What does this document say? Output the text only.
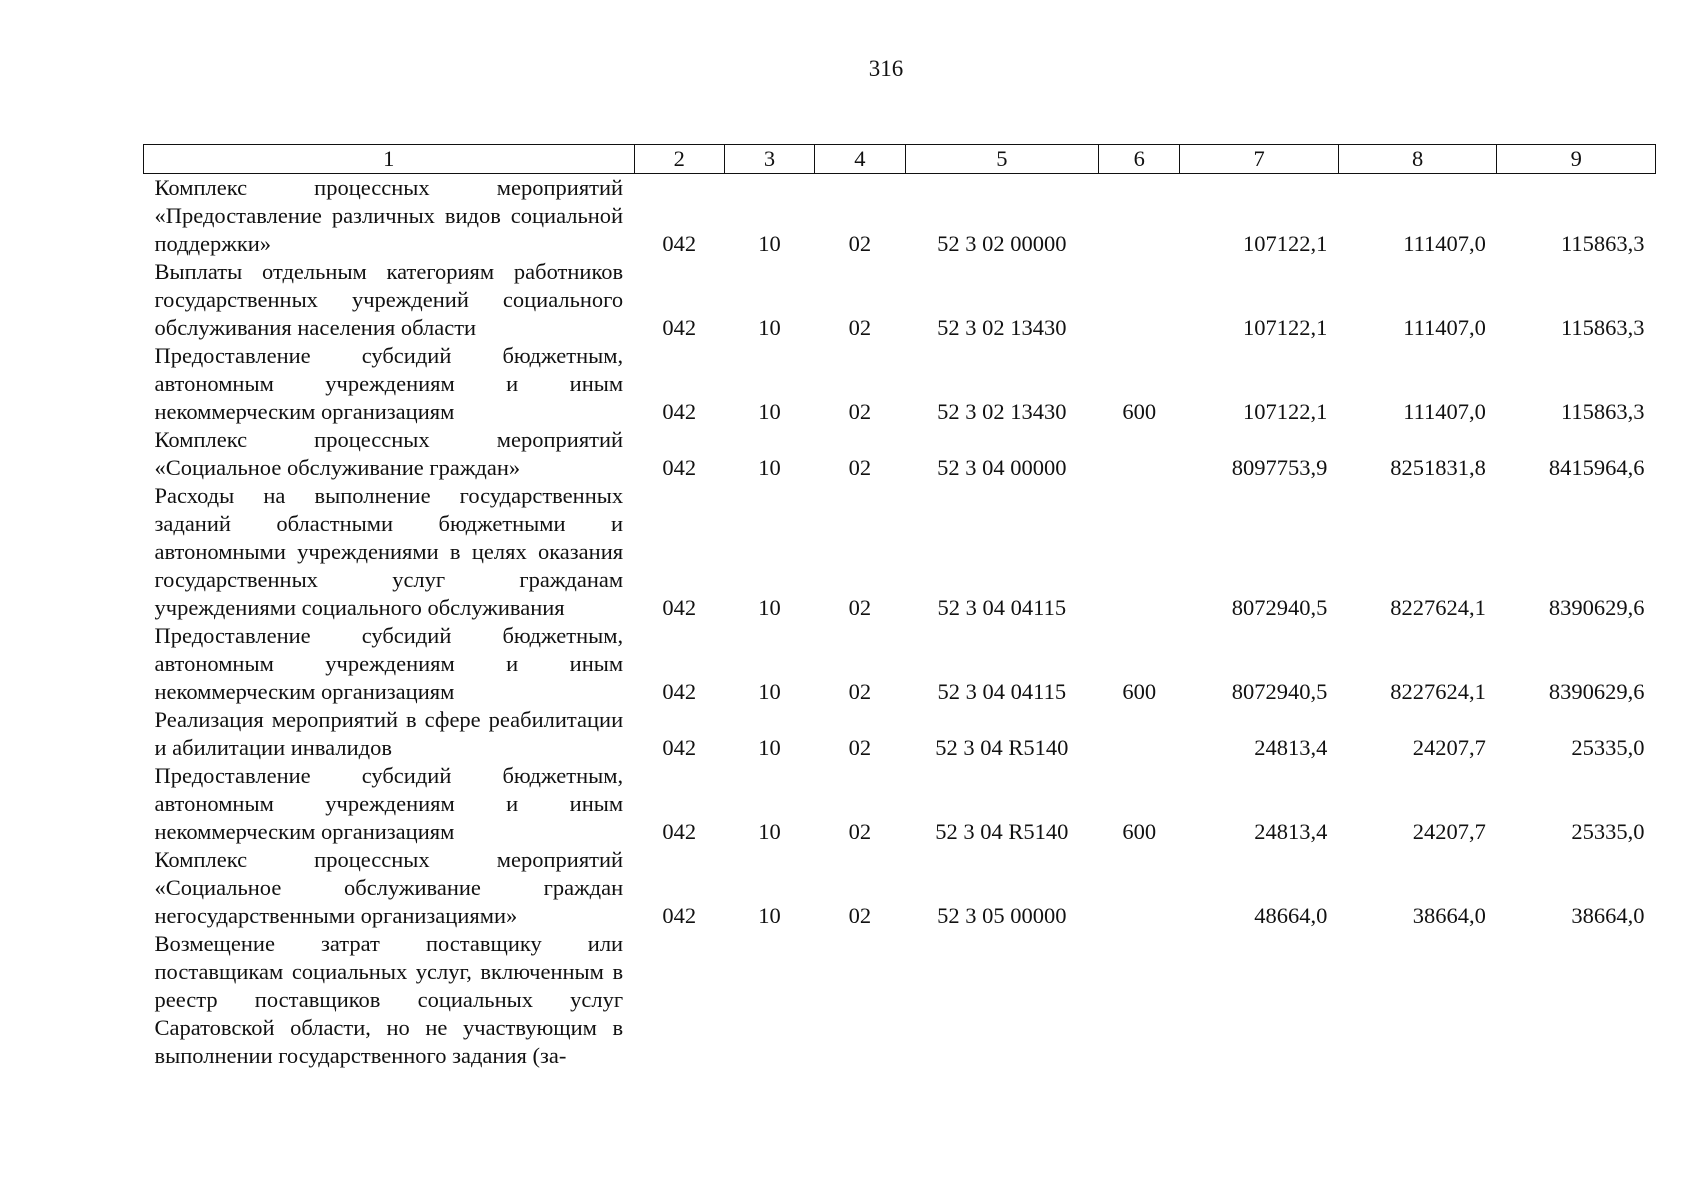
316
1	2	3	4	5	6	7	8	9
Комплекс процессных мероприятий «Предоставление различных видов социальной поддержки»	042	10	02	52 3 02 00000		107122,1	111407,0	115863,3
Выплаты отдельным категориям работников государственных учреждений социального обслуживания населения области	042	10	02	52 3 02 13430		107122,1	111407,0	115863,3
Предоставление субсидий бюджетным, автономным учреждениям и иным некоммерческим организациям	042	10	02	52 3 02 13430	600	107122,1	111407,0	115863,3
Комплекс процессных мероприятий «Социальное обслуживание граждан»	042	10	02	52 3 04 00000		8097753,9	8251831,8	8415964,6
Расходы на выполнение государственных заданий областными бюджетными и автономными учреждениями в целях оказания государственных услуг гражданам учреждениями социального обслуживания	042	10	02	52 3 04 04115		8072940,5	8227624,1	8390629,6
Предоставление субсидий бюджетным, автономным учреждениям и иным некоммерческим организациям	042	10	02	52 3 04 04115	600	8072940,5	8227624,1	8390629,6
Реализация мероприятий в сфере реабилитации и абилитации инвалидов	042	10	02	52 3 04 R5140		24813,4	24207,7	25335,0
Предоставление субсидий бюджетным, автономным учреждениям и иным некоммерческим организациям	042	10	02	52 3 04 R5140	600	24813,4	24207,7	25335,0
Комплекс процессных мероприятий «Социальное обслуживание граждан негосударственными организациями»	042	10	02	52 3 05 00000		48664,0	38664,0	38664,0
Возмещение затрат поставщику или поставщикам социальных услуг, включенным в реестр поставщиков социальных услуг Саратовской области, но не участвующим в выполнении государственного задания (за-								
